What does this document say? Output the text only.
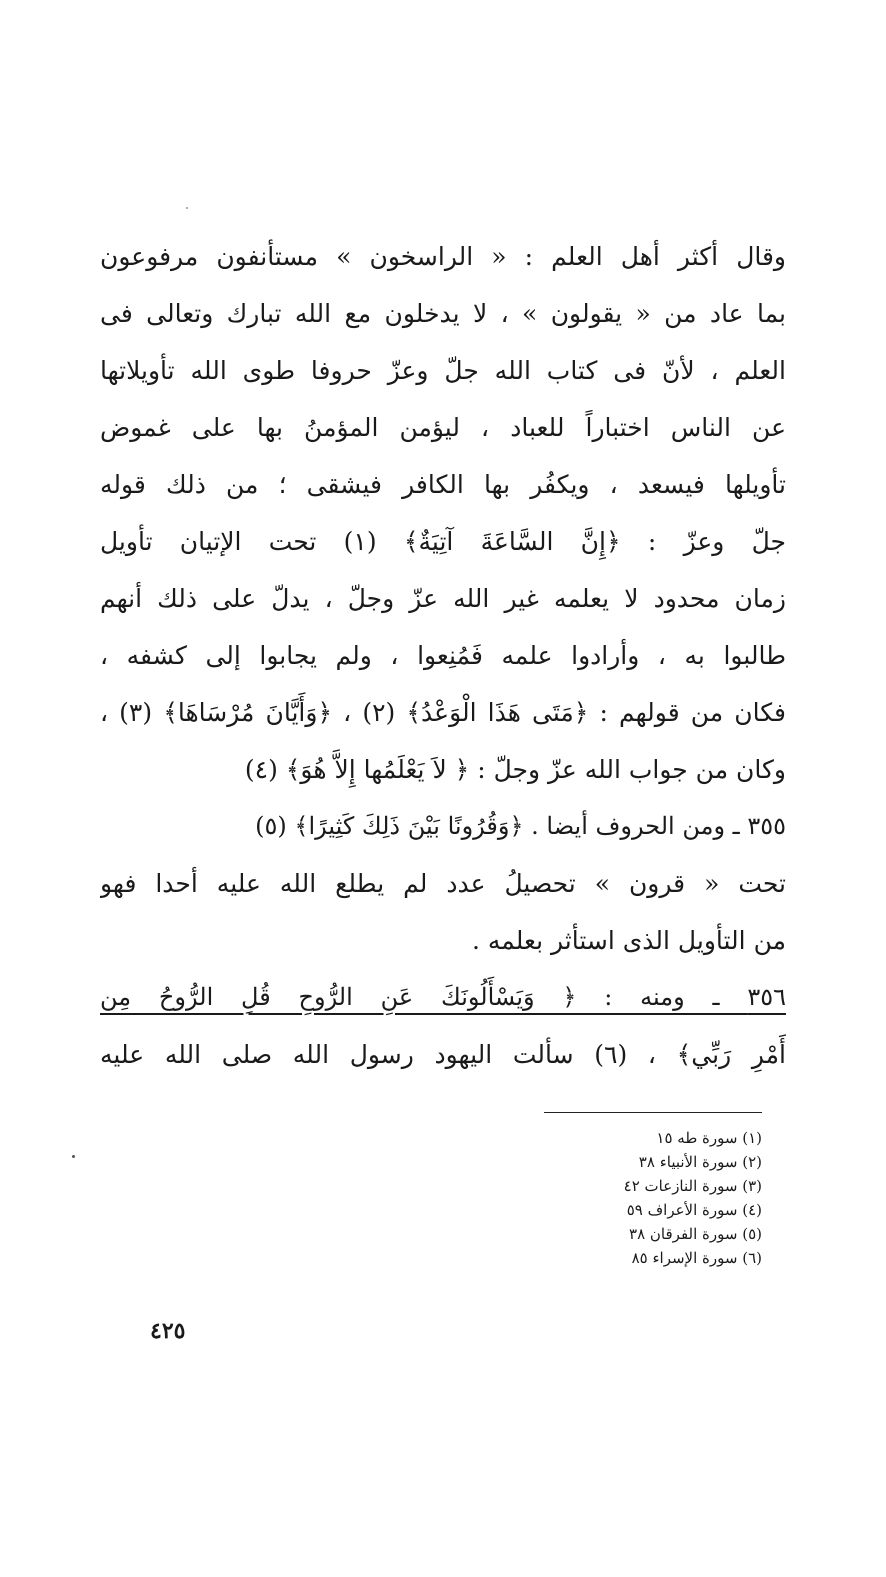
وقال أكثر أهل العلم : « الراسخون » مستأنفون مرفوعون
بما عاد من « يقولون » ، لا يدخلون مع الله تبارك وتعالى فى
العلم ، لأنّ فى كتاب الله جلّ وعزّ حروفا طوى الله تأويلاتها
عن الناس اختباراً للعباد ، ليؤمن المؤمنُ بها على غموض
تأويلها فيسعد ، ويكفُر بها الكافر فيشقى ؛ من ذلك قوله
جلّ وعزّ : ﴿إِنَّ السَّاعَةَ آتِيَةٌ﴾ (١) تحت الإتيان تأويل
زمان محدود لا يعلمه غير الله عزّ وجلّ ، يدلّ على ذلك أنهم
طالبوا به ، وأرادوا علمه فَمُنِعوا ، ولم يجابوا إلى كشفه ،
فكان من قولهم : ﴿مَتَى هَذَا الْوَعْدُ﴾ (٢) ، ﴿وَأَيَّانَ مُرْسَاهَا﴾ (٣) ،
وكان من جواب الله عزّ وجلّ : ﴿ لاَ يَعْلَمُها إِلاَّ هُوَ﴾ (٤)
٣٥٥ ـ ومن الحروف أيضا . ﴿وَقُرُونًا بَيْنَ ذَلِكَ كَثِيرًا﴾ (٥)
تحت « قرون » تحصيلُ عدد لم يطلع الله عليه أحدا فهو
من التأويل الذى استأثر بعلمه .
٣٥٦ ـ ومنه : ﴿ وَيَسْأَلُونَكَ عَنِ الرُّوحِ قُلِ الرُّوحُ مِن
أَمْرِ رَبِّي﴾ ، (٦) سألت اليهود رسول الله صلى الله عليه
(١) سورة طه ١٥
(٢) سورة الأنبياء ٣٨
(٣) سورة النازعات ٤٢
(٤) سورة الأعراف ٥٩
(٥) سورة الفرقان ٣٨
(٦) سورة الإسراء ٨٥
٤٢٥
